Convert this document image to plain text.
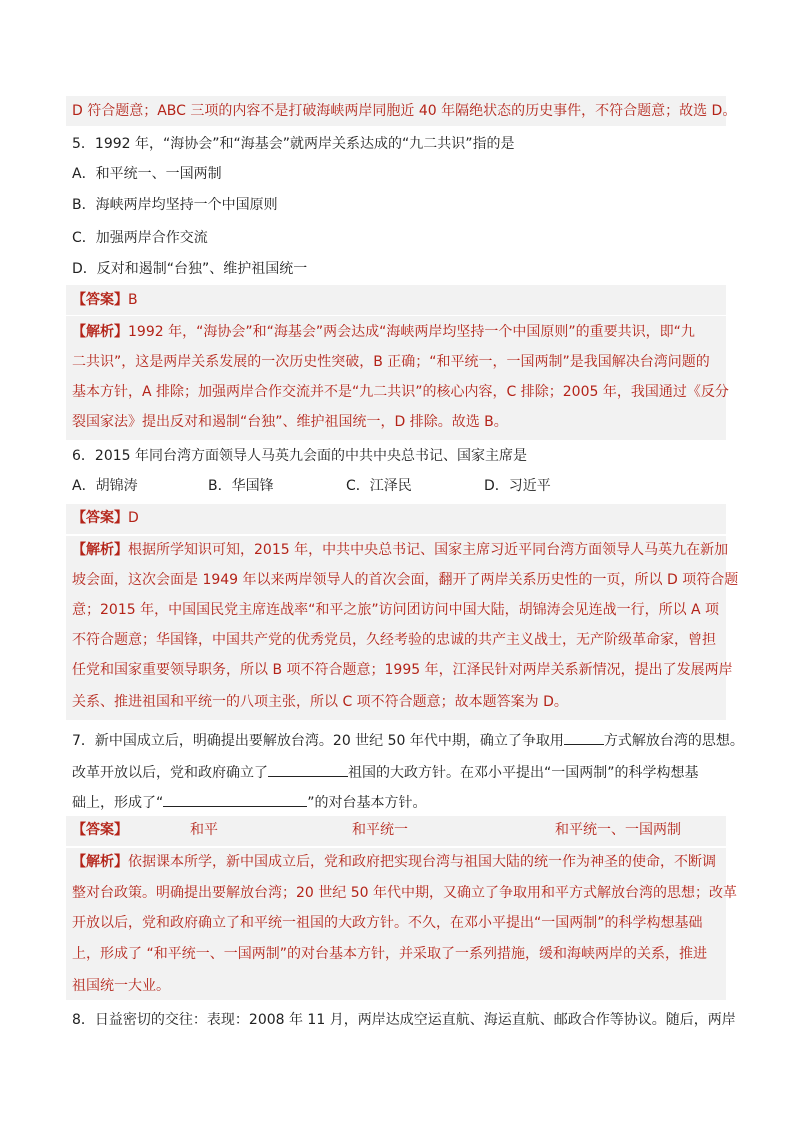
D 符合题意；ABC 三项的内容不是打破海峡两岸同胞近 40 年隔绝状态的历史事件，不符合题意；故选 D。
5．1992 年，“海协会”和“海基会”就两岸关系达成的“九二共识”指的是
A．和平统一、一国两制
B．海峡两岸均坚持一个中国原则
C．加强两岸合作交流
D．反对和遏制“台独”、维护祖国统一
【答案】B
【解析】1992 年，“海协会”和“海基会”两会达成“海峡两岸均坚持一个中国原则”的重要共识，即“九
二共识”，这是两岸关系发展的一次历史性突破，B 正确；“和平统一，一国两制”是我国解决台湾问题的
基本方针，A 排除；加强两岸合作交流并不是“九二共识”的核心内容，C 排除；2005 年，我国通过《反分
裂国家法》提出反对和遏制“台独”、维护祖国统一，D 排除。故选 B。
6．2015 年同台湾方面领导人马英九会面的中共中央总书记、国家主席是
A．胡锦涛	B．华国锋	C．江泽民	D．习近平
【答案】D
【解析】根据所学知识可知，2015 年，中共中央总书记、国家主席习近平同台湾方面领导人马英九在新加
坡会面，这次会面是 1949 年以来两岸领导人的首次会面，翻开了两岸关系历史性的一页，所以 D 项符合题
意；2015 年，中国国民党主席连战率“和平之旅”访问团访问中国大陆，胡锦涛会见连战一行，所以 A 项
不符合题意；华国锋，中国共产党的优秀党员，久经考验的忠诚的共产主义战士，无产阶级革命家，曾担
任党和国家重要领导职务，所以 B 项不符合题意；1995 年，江泽民针对两岸关系新情况，提出了发展两岸
关系、推进祖国和平统一的八项主张，所以 C 项不符合题意；故本题答案为 D。
7．新中国成立后，明确提出要解放台湾。20 世纪 50 年代中期，确立了争取用	方式解放台湾的思想。
改革开放以后，党和政府确立了	祖国的大政方针。在邓小平提出“一国两制”的科学构想基
础上，形成了“	”的对台基本方针。
【答案】	和平	和平统一	和平统一、一国两制
【解析】依据课本所学，新中国成立后，党和政府把实现台湾与祖国大陆的统一作为神圣的使命，不断调
整对台政策。明确提出要解放台湾；20 世纪 50 年代中期，又确立了争取用和平方式解放台湾的思想；改革
开放以后，党和政府确立了和平统一祖国的大政方针。不久，在邓小平提出“一国两制”的科学构想基础
上，形成了 “和平统一、一国两制”的对台基本方针，并采取了一系列措施，缓和海峡两岸的关系，推进
祖国统一大业。
8．日益密切的交往：表现：2008 年 11 月，两岸达成空运直航、海运直航、邮政合作等协议。随后，两岸
